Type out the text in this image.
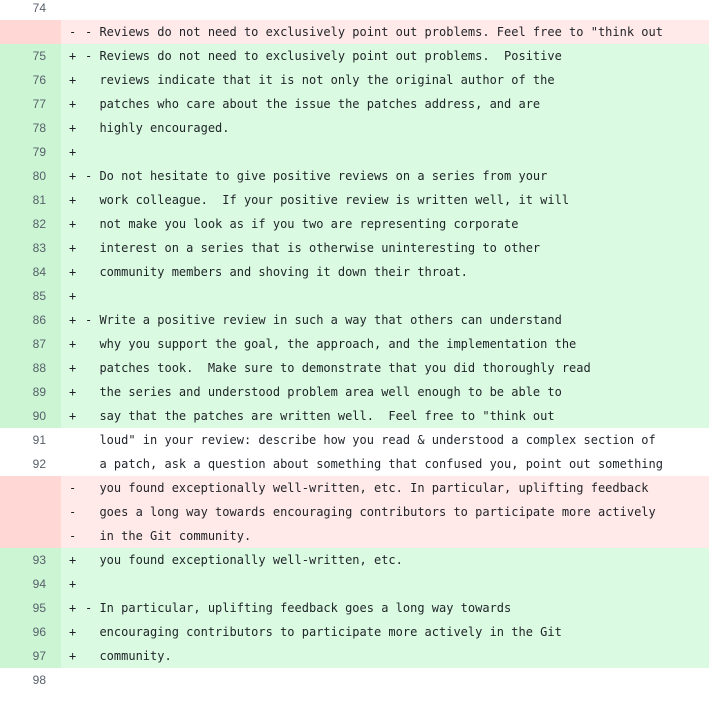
74
- - Reviews do not need to exclusively point out problems. Feel free to "think out
75	+ - Reviews do not need to exclusively point out problems.  Positive
76	+  reviews indicate that it is not only the original author of the
77	+  patches who care about the issue the patches address, and are
78	+  highly encouraged.
79	+
80	+ - Do not hesitate to give positive reviews on a series from your
81	+  work colleague.  If your positive review is written well, it will
82	+  not make you look as if you two are representing corporate
83	+  interest on a series that is otherwise uninteresting to other
84	+  community members and shoving it down their throat.
85	+
86	+ - Write a positive review in such a way that others can understand
87	+  why you support the goal, the approach, and the implementation the
88	+  patches took.  Make sure to demonstrate that you did thoroughly read
89	+  the series and understood problem area well enough to be able to
90	+  say that the patches are written well.  Feel free to "think out
91	loud" in your review: describe how you read & understood a complex section of
92	a patch, ask a question about something that confused you, point out something
-  you found exceptionally well-written, etc. In particular, uplifting feedback
-  goes a long way towards encouraging contributors to participate more actively
-  in the Git community.
93	+  you found exceptionally well-written, etc.
94	+
95	+ - In particular, uplifting feedback goes a long way towards
96	+  encouraging contributors to participate more actively in the Git
97	+  community.
98
